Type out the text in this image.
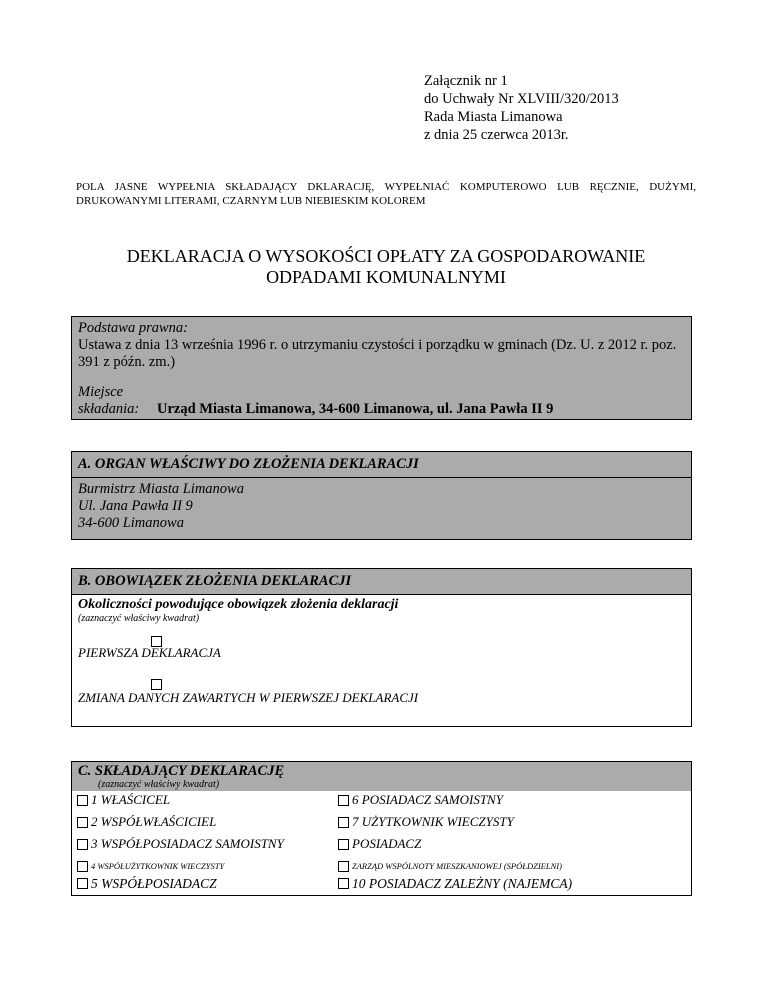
Załącznik nr 1
do Uchwały Nr XLVIII/320/2013
Rada Miasta Limanowa
z dnia 25 czerwca 2013r.
POLA JASNE WYPEŁNIA SKŁADAJĄCY DKLARACJĘ, WYPEŁNIAĆ KOMPUTEROWO LUB RĘCZNIE, DUŻYMI, DRUKOWANYMI LITERAMI, CZARNYM LUB NIEBIESKIM KOLOREM
DEKLARACJA O WYSOKOŚCI OPŁATY ZA GOSPODAROWANIE
ODPADAMI KOMUNALNYMI
Podstawa prawna:
Ustawa z dnia 13 września 1996 r. o utrzymaniu czystości i porządku w gminach (Dz. U. z 2012 r. poz. 391 z późn. zm.)
Miejsce
składania:	Urząd Miasta Limanowa, 34-600 Limanowa, ul. Jana Pawła II 9
A. ORGAN WŁAŚCIWY DO ZŁOŻENIA DEKLARACJI
Burmistrz Miasta Limanowa
Ul. Jana Pawła II 9
34-600 Limanowa
B. OBOWIĄZEK ZŁOŻENIA DEKLARACJI
Okoliczności powodujące obowiązek złożenia deklaracji
(zaznaczyć właściwy kwadrat)
PIERWSZA DEKLARACJA
ZMIANA DANYCH ZAWARTYCH W PIERWSZEJ DEKLARACJI
C. SKŁADAJĄCY DEKLARACJĘ
(zaznaczyć właściwy kwadrat)
1 WŁAŚCICEL
2 WSPÓŁWŁAŚCICIEL
3 WSPÓŁPOSIADACZ SAMOISTNY
4 WSPÓŁUŻYTKOWNIK WIECZYSTY
5 WSPÓŁPOSIADACZ
6 POSIADACZ SAMOISTNY
7 UŻYTKOWNIK WIECZYSTY
POSIADACZ
ZARZĄD WSPÓLNOTY MIESZKANIOWEJ (SPÓŁDZIELNI)
10 POSIADACZ ZALEŻNY (NAJEMCA)
